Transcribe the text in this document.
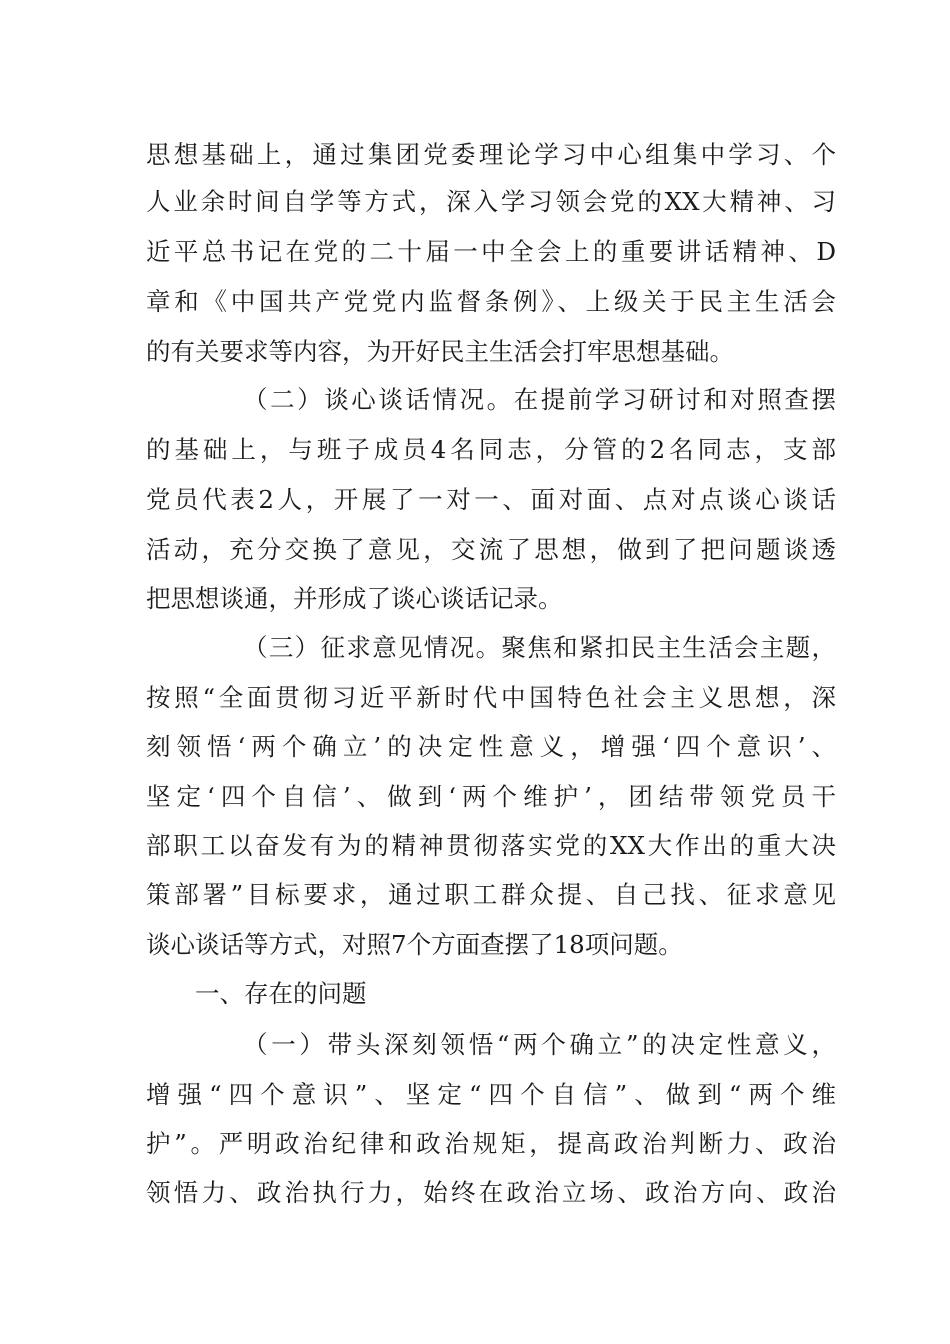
思想基础上，通过集团党委理论学习中心组集中学习、个
人业余时间自学等方式，深入学习领会党的XX大精神、习
近平总书记在党的二十届一中全会上的重要讲话精神、D
章和《中国共产党党内监督条例》、上级关于民主生活会
的有关要求等内容，为开好民主生活会打牢思想基础。
（二）谈心谈话情况。在提前学习研讨和对照查摆
的基础上，与班子成员4名同志，分管的2名同志，支部
党员代表2人，开展了一对一、面对面、点对点谈心谈话
活动，充分交换了意见，交流了思想，做到了把问题谈透
把思想谈通，并形成了谈心谈话记录。
（三）征求意见情况。聚焦和紧扣民主生活会主题，
按照“全面贯彻习近平新时代中国特色社会主义思想，深
刻领悟‘两个确立’的决定性意义，增强‘四个意识’、
坚定‘四个自信’、做到‘两个维护’，团结带领党员干
部职工以奋发有为的精神贯彻落实党的XX大作出的重大决
策部署”目标要求，通过职工群众提、自己找、征求意见
谈心谈话等方式，对照7个方面查摆了18项问题。
一、存在的问题
（一）带头深刻领悟“两个确立”的决定性意义，
增强“四个意识”、坚定“四个自信”、做到“两个维
护”。严明政治纪律和政治规矩，提高政治判断力、政治
领悟力、政治执行力，始终在政治立场、政治方向、政治
